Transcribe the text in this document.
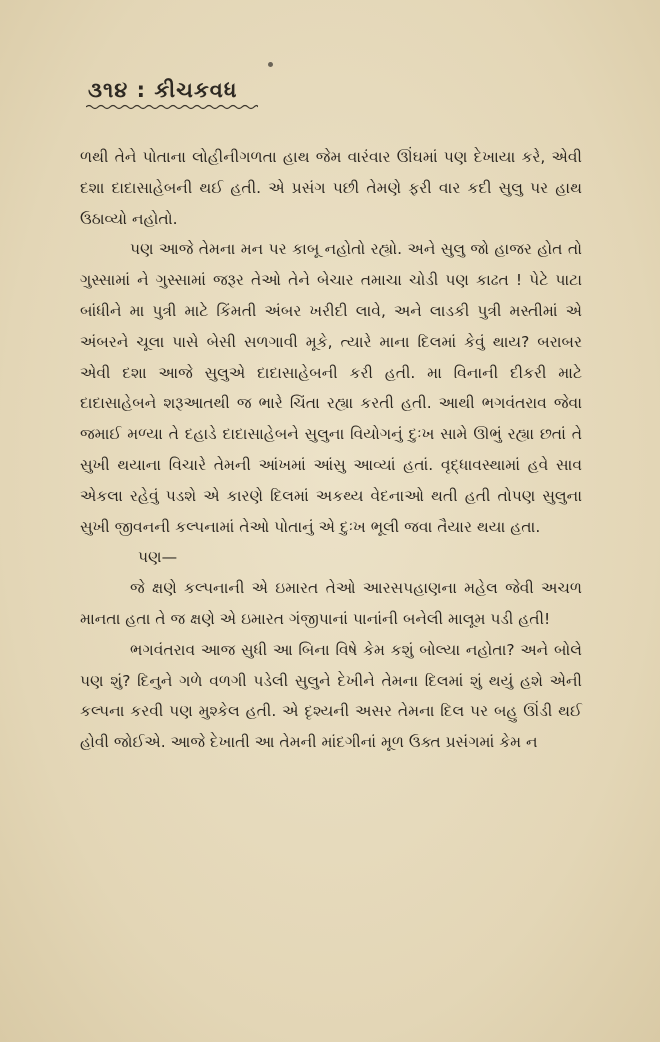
૩૧૪ : કીચકવધ

ળથી તેને પોતાના લોહીનીગળતા હાથ જેમ વારંવાર ઊંઘમાં પણ દેખાયા કરે, એવી દશા દાદાસાહેબની થઈ હતી. એ પ્રસંગ પછી તેમણે ફરી વાર કદી સુલુ પર હાથ ઉઠાવ્યો નહોતો.

પણ આજે તેમના મન પર કાબૂ નહોતો રહ્યો. અને સુલુ જો હાજર હોત તો ગુસ્સામાં ને ગુસ્સામાં જરૂર તેઓ તેને બેચાર તમાચા ચોડી પણ કાઢત ! પેટે પાટા બાંધીને મા પુત્રી માટે કિંમતી અંબર ખરીદી લાવે, અને લાડકી પુત્રી મસ્તીમાં એ અંબરને ચૂલા પાસે બેસી સળગાવી મૂકે, ત્યારે માના દિલમાં કેવું થાય? બરાબર એવી દશા આજે સુલુએ દાદાસાહેબની કરી હતી. મા વિનાની દીકરી માટે દાદાસાહેબને શરૂઆતથી જ ભારે ચિંતા રહ્યા કરતી હતી. આથી ભગવંતરાવ જેવા જમાઈ મળ્યા તે દહાડે દાદાસાહેબને સુલુના વિયોગનું દુઃખ સામે ઊભું રહ્યા છતાં તે સુખી થયાના વિચારે તેમની આંખમાં આંસુ આવ્યાં હતાં. વૃદ્ધાવસ્થામાં હવે સાવ એકલા રહેવું પડશે એ કારણે દિલમાં અકથ્ય વેદનાઓ થતી હતી તોપણ સુલુના સુખી જીવનની કલ્પનામાં તેઓ પોતાનું એ દુઃખ ભૂલી જવા તૈયાર થયા હતા.

પણ—

જે ક્ષણે કલ્પનાની એ ઇમારત તેઓ આરસપહાણના મહેલ જેવી અચળ માનતા હતા તે જ ક્ષણે એ ઇમારત ગંજીપાનાં પાનાંની બનેલી માલૂમ પડી હતી!

ભગવંતરાવ આજ સુધી આ બિના વિષે કેમ કશું બોલ્યા નહોતા? અને બોલે પણ શું? દિનુને ગળે વળગી પડેલી સુલુને દેખીને તેમના દિલમાં શું થયું હશે એની કલ્પના કરવી પણ મુશ્કેલ હતી. એ દૃશ્યની અસર તેમના દિલ પર બહુ ઊંડી થઈ હોવી જોઈએ. આજે દેખાતી આ તેમની માંદગીનાં મૂળ ઉક્ત પ્રસંગમાં કેમ ન
